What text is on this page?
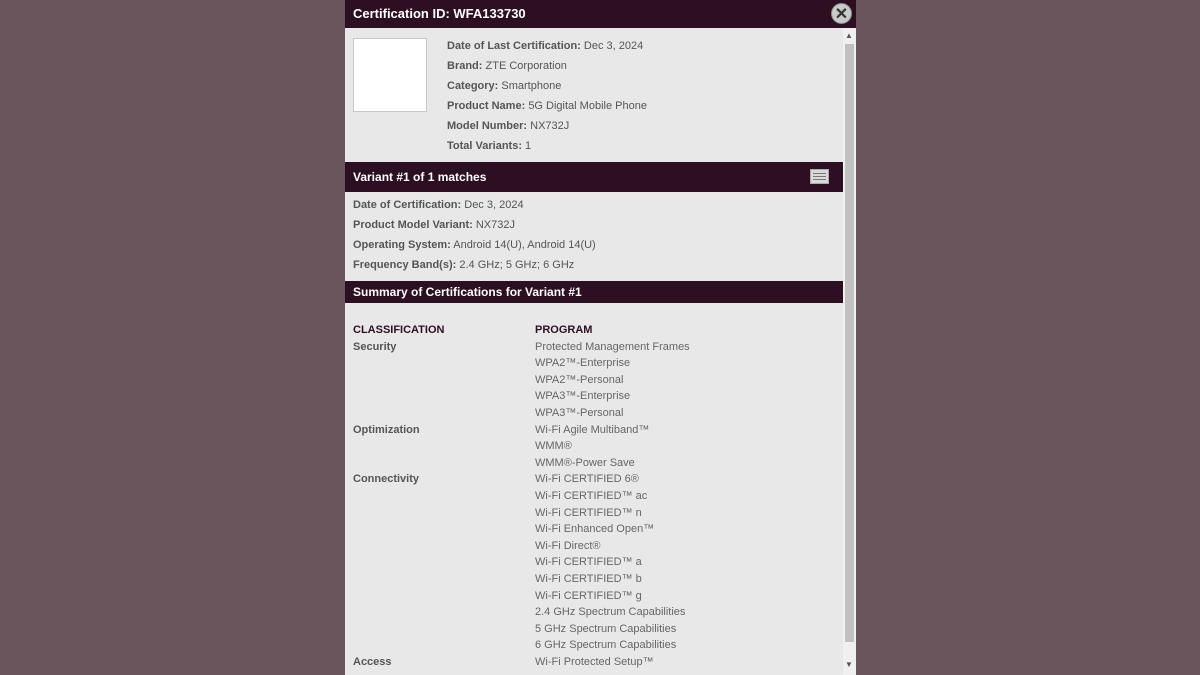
Certification ID: WFA133730	✕
Date of Last Certification: Dec 3, 2024
Brand: ZTE Corporation
Category: Smartphone
Product Name: 5G Digital Mobile Phone
Model Number: NX732J
Total Variants: 1
Variant #1 of 1 matches
Date of Certification: Dec 3, 2024
Product Model Variant: NX732J
Operating System: Android 14(U), Android 14(U)
Frequency Band(s): 2.4 GHz; 5 GHz; 6 GHz
Summary of Certifications for Variant #1
CLASSIFICATION	PROGRAM
Security	Protected Management Frames
WPA2™-Enterprise
WPA2™-Personal
WPA3™-Enterprise
WPA3™-Personal
Optimization	Wi-Fi Agile Multiband™
WMM®
WMM®-Power Save
Connectivity	Wi-Fi CERTIFIED 6®
Wi-Fi CERTIFIED™ ac
Wi-Fi CERTIFIED™ n
Wi-Fi Enhanced Open™
Wi-Fi Direct®
Wi-Fi CERTIFIED™ a
Wi-Fi CERTIFIED™ b
Wi-Fi CERTIFIED™ g
2.4 GHz Spectrum Capabilities
5 GHz Spectrum Capabilities
6 GHz Spectrum Capabilities
Access	Wi-Fi Protected Setup™
▲
▼
